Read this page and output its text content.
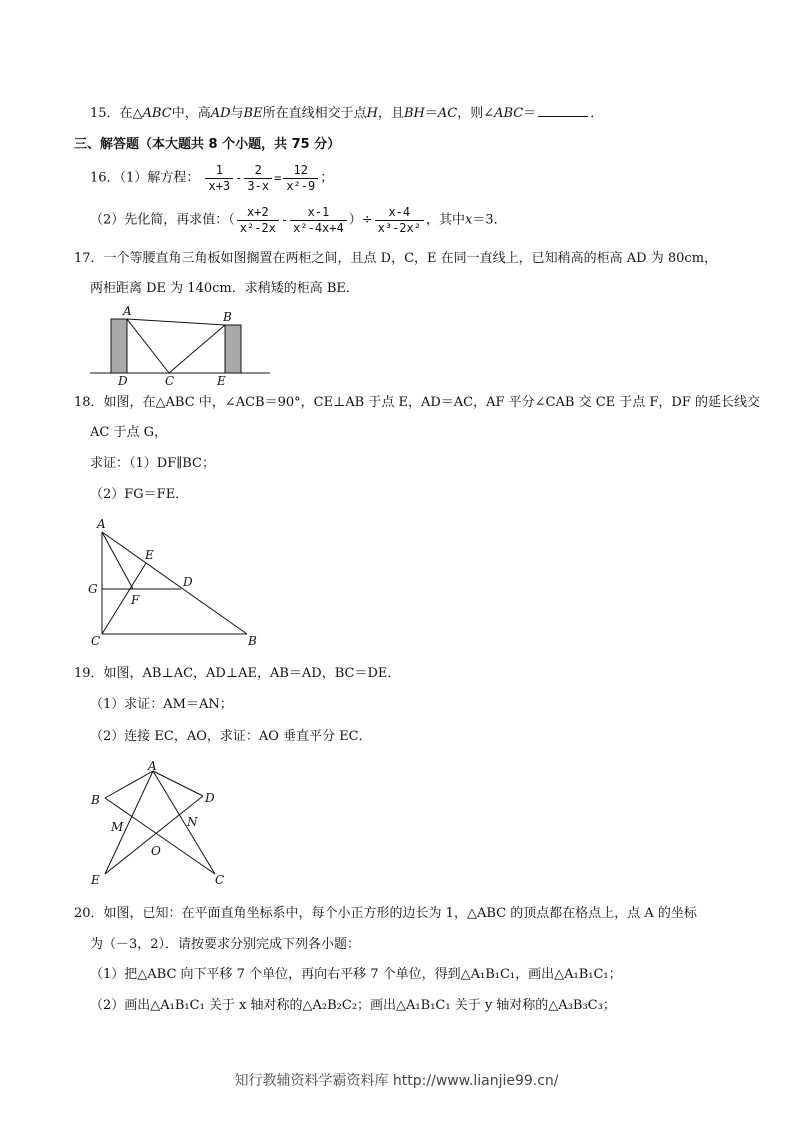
15．在△ABC中，高AD与BE所在直线相交于点H，且BH＝AC，则∠ABC＝	．
三、解答题（本大题共 8 个小题，共 75 分）
16．（1）解方程： $\frac{1}{x+3} - \frac{2}{3-x} = \frac{12}{\text{x²-9}}$ ；
（2）先化简，再求值：（ $\frac{x+2}{\text{x²-2x}} - \frac{x-1}{\text{x²-4x+4}}$ ）÷ $\frac{x-4}{\text{x³-2x²}}$ ，其中x＝3．
17．一个等腰直角三角板如图搁置在两柜之间，且点 D，C，E 在同一直线上，已知稍高的柜高 AD 为 80cm，
两柜距离 DE 为 140cm．求稍矮的柜高 BE．
A	B
D	C	E
18．如图，在△ABC 中，∠ACB＝90°，CE⊥AB 于点 E，AD＝AC，AF 平分∠CAB 交 CE 于点 F，DF 的延长线交
AC 于点 G，
求证：（1）DF∥BC；
（2）FG＝FE．
A
E
D
G
F
C	B
19．如图，AB⊥AC，AD⊥AE，AB＝AD，BC＝DE．
（1）求证：AM＝AN；
（2）连接 EC，AO，求证：AO 垂直平分 EC．
A
B	D
M	N
O
E	C
20．如图，已知：在平面直角坐标系中，每个小正方形的边长为 1，△ABC 的顶点都在格点上，点 A 的坐标
为（－3，2）．请按要求分别完成下列各小题：
（1）把△ABC 向下平移 7 个单位，再向右平移 7 个单位，得到△A₁B₁C₁，画出△A₁B₁C₁；
（2）画出△A₁B₁C₁ 关于 x 轴对称的△A₂B₂C₂；画出△A₁B₁C₁ 关于 y 轴对称的△A₃B₃C₃；
知行教辅资料学霸资料库 http://www.lianjie99.cn/
